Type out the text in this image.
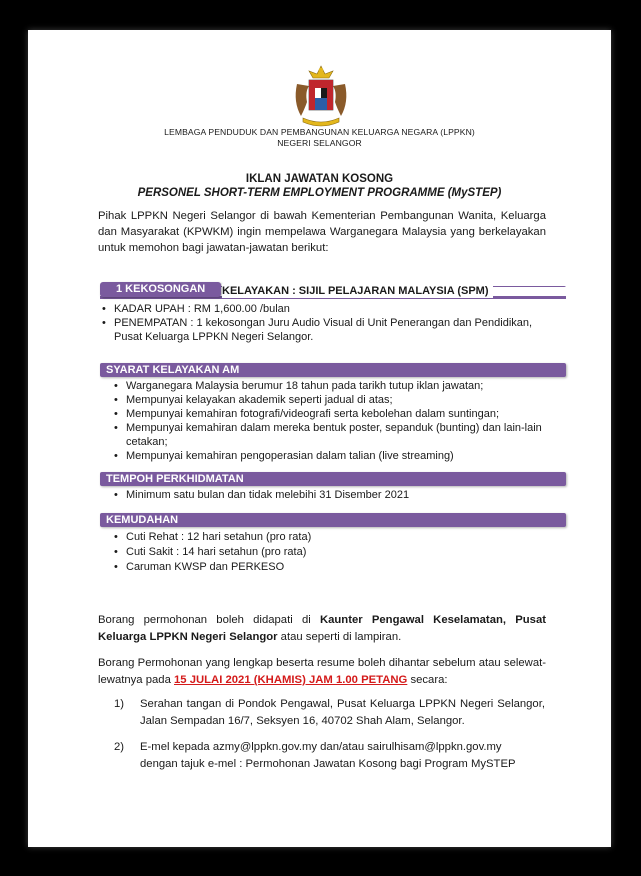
LEMBAGA PENDUDUK DAN PEMBANGUNAN KELUARGA NEGARA (LPPKN)
NEGERI SELANGOR
IKLAN JAWATAN KOSONG
PERSONEL SHORT-TERM EMPLOYMENT PROGRAMME (MySTEP)
Pihak LPPKN Negeri Selangor di bawah Kementerian Pembangunan Wanita, Keluarga dan Masyarakat (KPWKM) ingin mempelawa Warganegara Malaysia yang berkelayakan untuk memohon bagi jawatan-jawatan berikut:
1 KEKOSONGAN	KELAYAKAN : SIJIL PELAJARAN MALAYSIA (SPM)
• KADAR UPAH : RM 1,600.00 /bulan
• PENEMPATAN : 1 kekosongan Juru Audio Visual di Unit Penerangan dan Pendidikan, Pusat Keluarga LPPKN Negeri Selangor.
SYARAT KELAYAKAN AM
• Warganegara Malaysia berumur 18 tahun pada tarikh tutup iklan jawatan;
• Mempunyai kelayakan akademik seperti jadual di atas;
• Mempunyai kemahiran fotografi/videografi serta kebolehan dalam suntingan;
• Mempunyai kemahiran dalam mereka bentuk poster, sepanduk (bunting) dan lain-lain cetakan;
• Mempunyai kemahiran pengoperasian dalam talian (live streaming)
TEMPOH PERKHIDMATAN
• Minimum satu bulan dan tidak melebihi 31 Disember 2021
KEMUDAHAN
• Cuti Rehat : 12 hari setahun (pro rata)
• Cuti Sakit : 14 hari setahun (pro rata)
• Caruman KWSP dan PERKESO
Borang permohonan boleh didapati di Kaunter Pengawal Keselamatan, Pusat Keluarga LPPKN Negeri Selangor atau seperti di lampiran.
Borang Permohonan yang lengkap beserta resume boleh dihantar sebelum atau selewat-lewatnya pada 15 JULAI 2021 (KHAMIS) JAM 1.00 PETANG secara:
1) Serahan tangan di Pondok Pengawal, Pusat Keluarga LPPKN Negeri Selangor, Jalan Sempadan 16/7, Seksyen 16, 40702 Shah Alam, Selangor.
2) E-mel kepada azmy@lppkn.gov.my dan/atau sairulhisam@lppkn.gov.my
dengan tajuk e-mel : Permohonan Jawatan Kosong bagi Program MySTEP
